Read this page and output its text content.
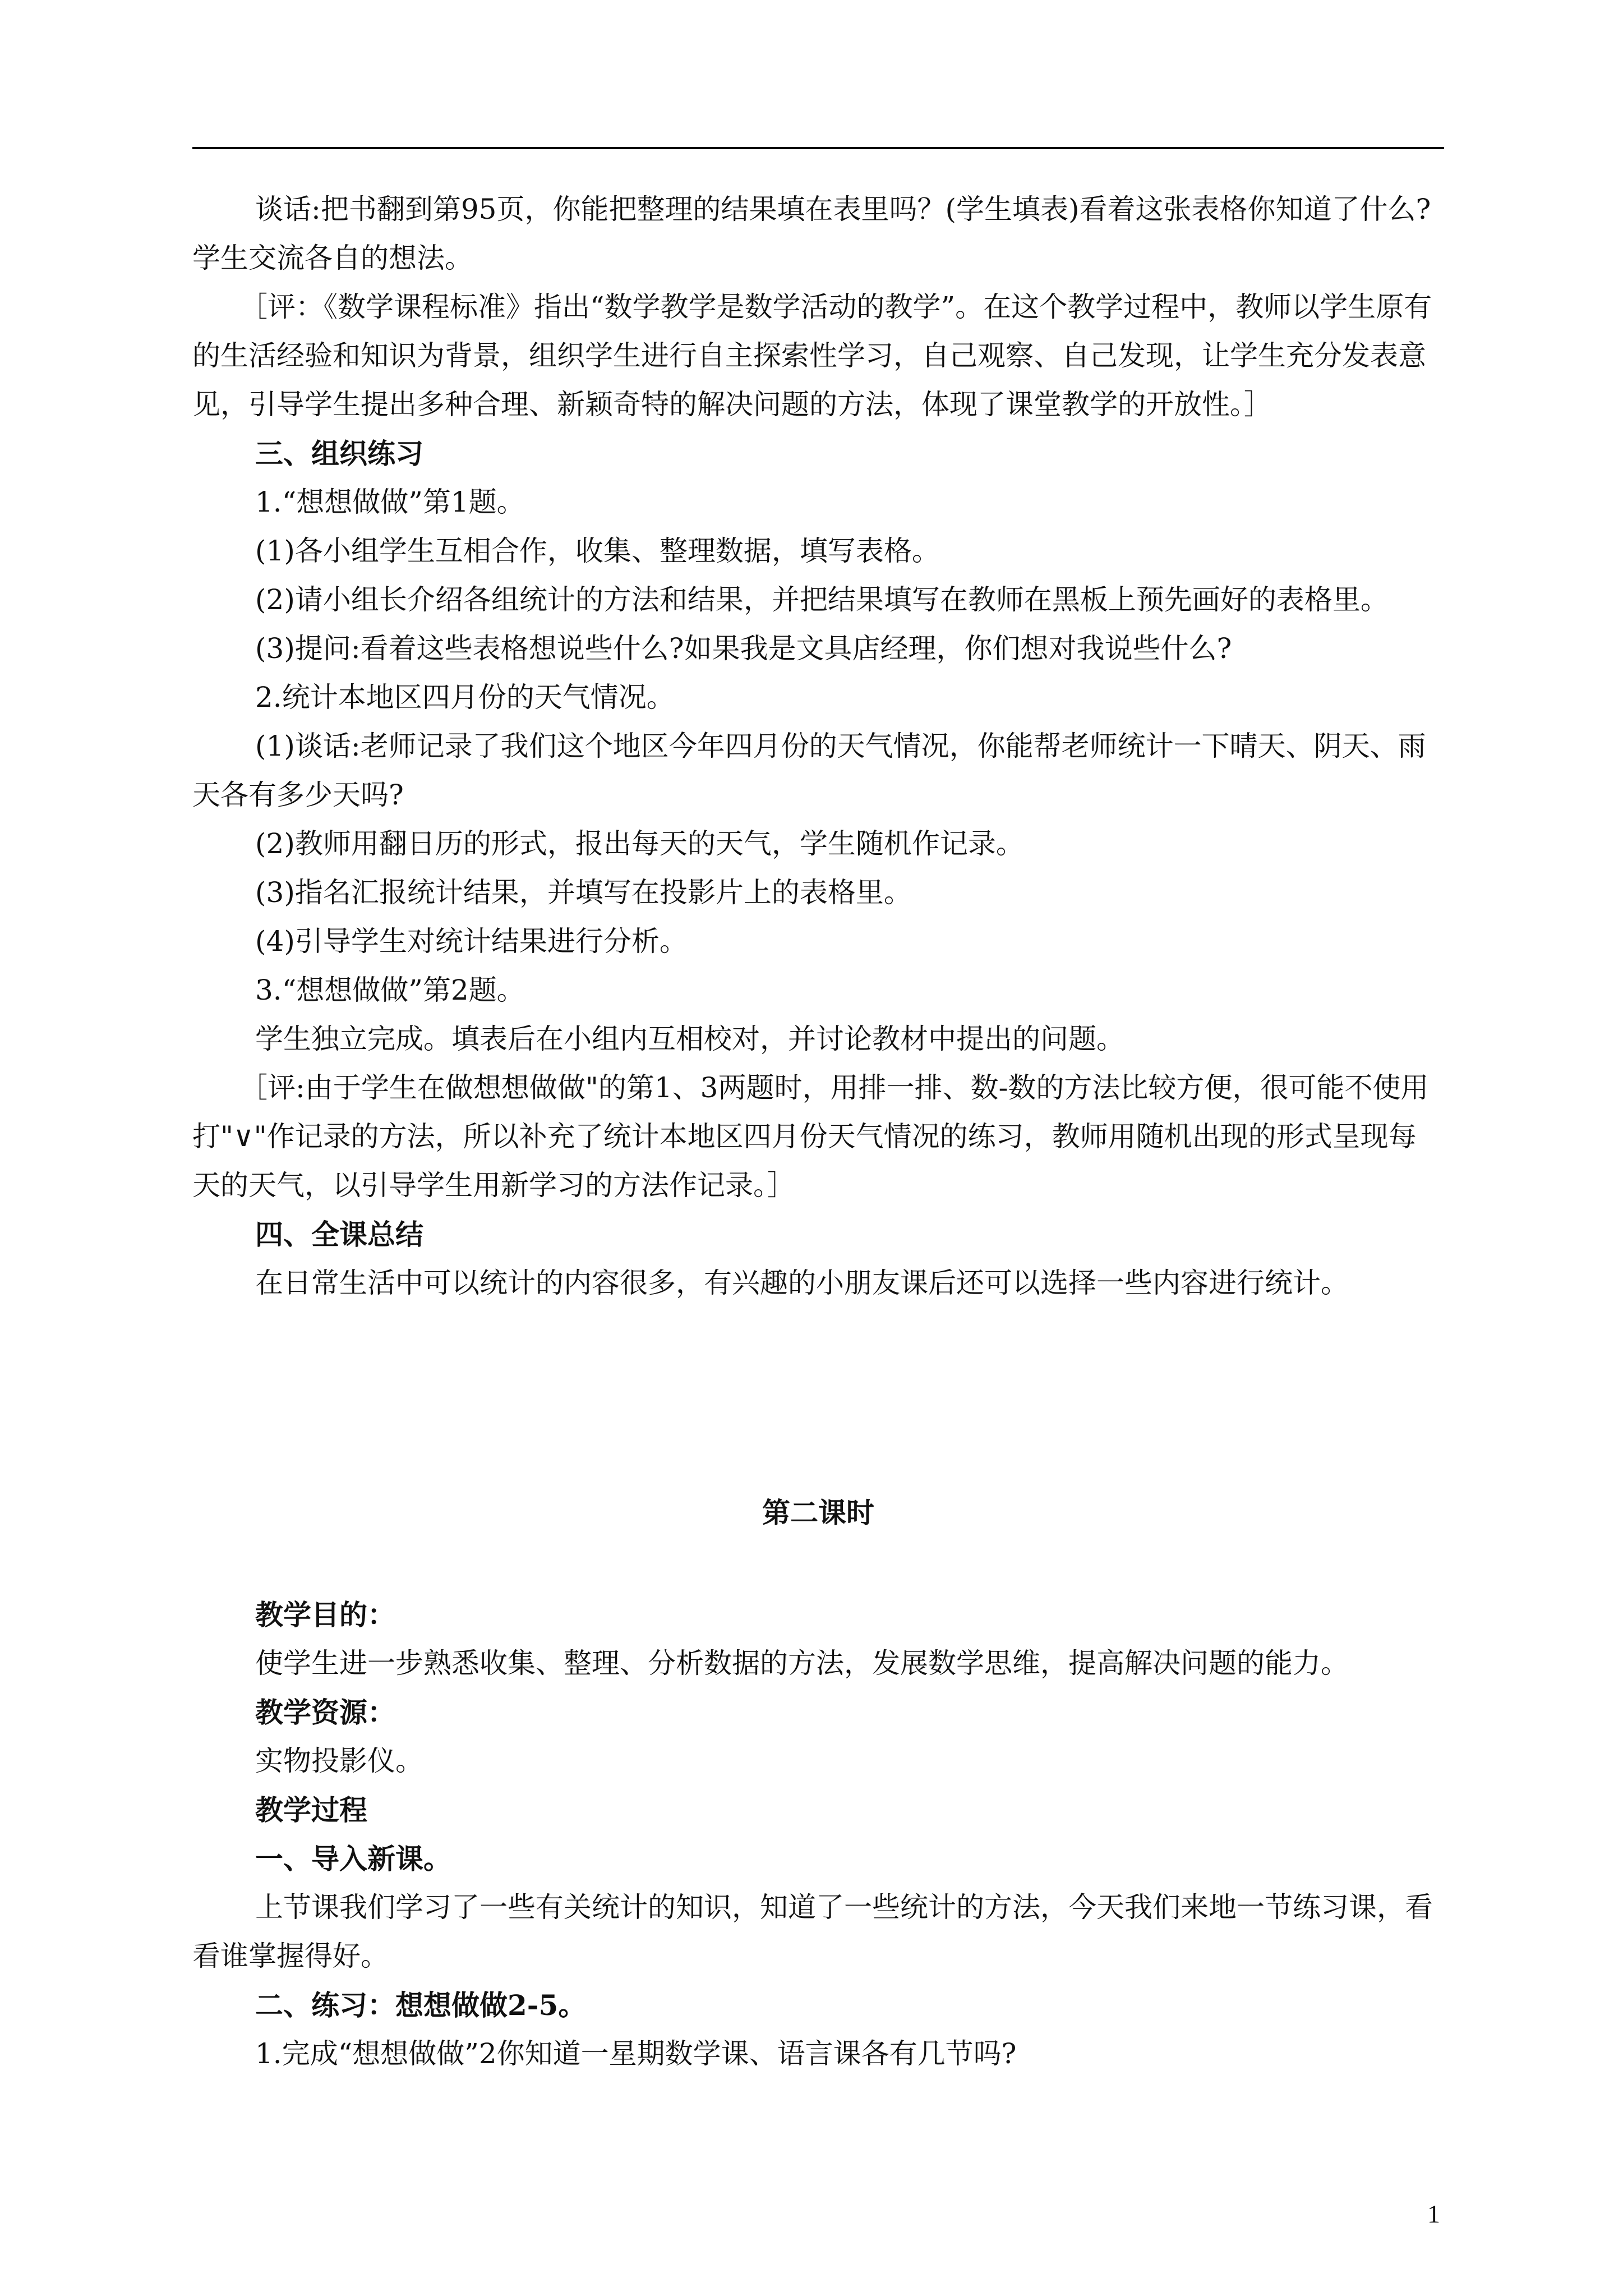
谈话:把书翻到第95页，你能把整理的结果填在表里吗？(学生填表)看着这张表格你知道了什么?学生交流各自的想法。

［评：《数学课程标准》指出“数学教学是数学活动的教学”。在这个教学过程中，教师以学生原有的生活经验和知识为背景，组织学生进行自主探索性学习，自己观察、自己发现，让学生充分发表意见，引导学生提出多种合理、新颖奇特的解决问题的方法，体现了课堂教学的开放性。］

三、组织练习

1.“想想做做”第1题。

(1)各小组学生互相合作，收集、整理数据，填写表格。

(2)请小组长介绍各组统计的方法和结果，并把结果填写在教师在黑板上预先画好的表格里。

(3)提问:看着这些表格想说些什么?如果我是文具店经理，你们想对我说些什么?

2.统计本地区四月份的天气情况。

(1)谈话:老师记录了我们这个地区今年四月份的天气情况，你能帮老师统计一下晴天、阴天、雨天各有多少天吗?

(2)教师用翻日历的形式，报出每天的天气，学生随机作记录。

(3)指名汇报统计结果，并填写在投影片上的表格里。

(4)引导学生对统计结果进行分析。

3.“想想做做”第2题。

学生独立完成。填表后在小组内互相校对，并讨论教材中提出的问题。

［评:由于学生在做想想做做"的第1、3两题时，用排一排、数-数的方法比较方便，很可能不使用打"∨"作记录的方法，所以补充了统计本地区四月份天气情况的练习，教师用随机出现的形式呈现每天的天气，以引导学生用新学习的方法作记录。］

四、全课总结

在日常生活中可以统计的内容很多，有兴趣的小朋友课后还可以选择一些内容进行统计。

第二课时

教学目的：

使学生进一步熟悉收集、整理、分析数据的方法，发展数学思维，提高解决问题的能力。

教学资源：

实物投影仪。

教学过程

一、导入新课。

上节课我们学习了一些有关统计的知识，知道了一些统计的方法，今天我们来地一节练习课，看看谁掌握得好。

二、练习：想想做做2-5。

1.完成“想想做做”2你知道一星期数学课、语言课各有几节吗?

1
